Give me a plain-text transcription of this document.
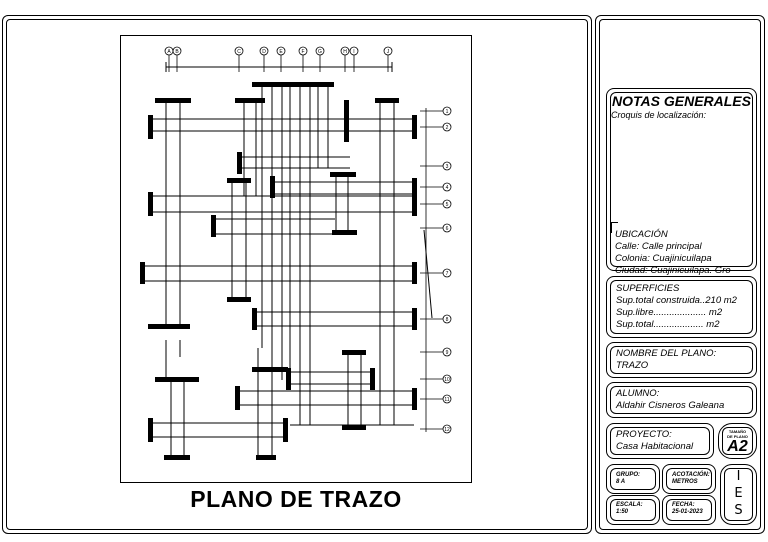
A B	C	D	E	F	G	H I	J
1
2
3
4
5
6
7
8
9
10
11
12
PLANO DE TRAZO
NOTAS GENERALES
Croquis de localización:
UBICACIÓN
Calle: Calle principal
Colonia: Cuajinicuilapa
Ciudad: Cuajinicuilapa. Gro
SUPERFICIES
Sup.total construida..210 m2
Sup.libre.................... m2
Sup.total................... m2
NOMBRE DEL PLANO:
TRAZO
ALUMNO:
Aldahir Cisneros Galeana
PROYECTO:
Casa Habitacional
TAMAÑO
DE PLANO
A2
GRUPO:
8 A
ACOTACIÓN:
METROS
ESCALA:
1:50
FECHA:
25-01-2023
I
E
S
